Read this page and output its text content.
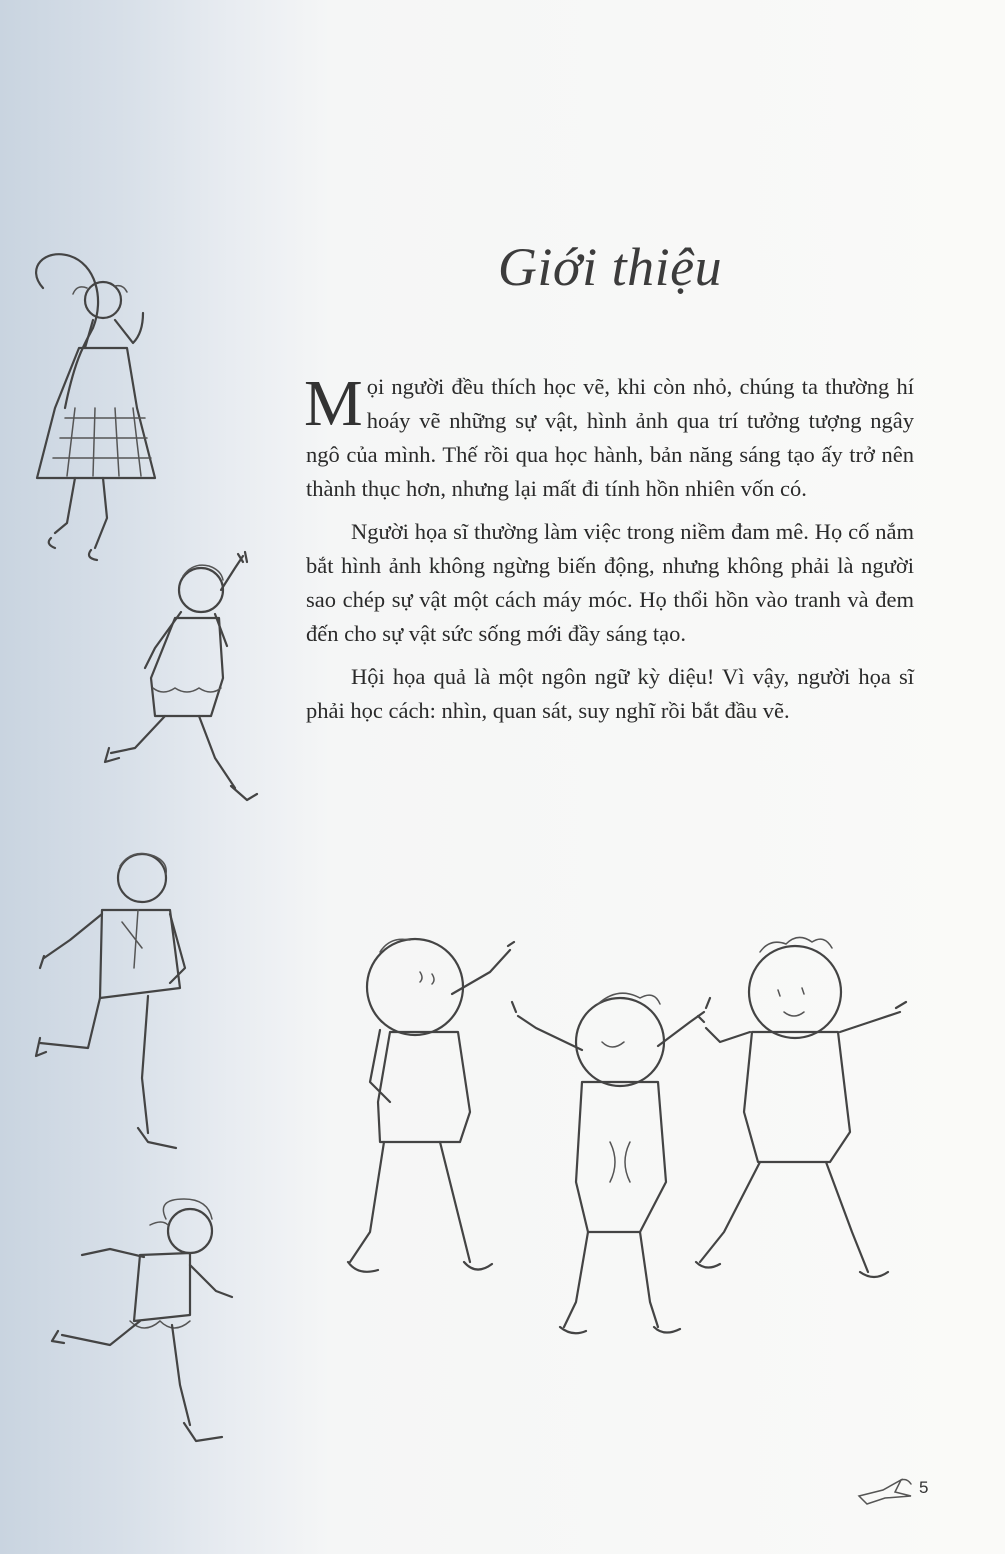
Giới thiệu

Mọi người đều thích học vẽ, khi còn nhỏ, chúng ta thường hí hoáy vẽ những sự vật, hình ảnh qua trí tưởng tượng ngây ngô của mình. Thế rồi qua học hành, bản năng sáng tạo ấy trở nên thành thục hơn, nhưng lại mất đi tính hồn nhiên vốn có.

Người họa sĩ thường làm việc trong niềm đam mê. Họ cố nắm bắt hình ảnh không ngừng biến động, nhưng không phải là người sao chép sự vật một cách máy móc. Họ thổi hồn vào tranh và đem đến cho sự vật sức sống mới đầy sáng tạo.

Hội họa quả là một ngôn ngữ kỳ diệu! Vì vậy, người họa sĩ phải học cách: nhìn, quan sát, suy nghĩ rồi bắt đầu vẽ.

5
